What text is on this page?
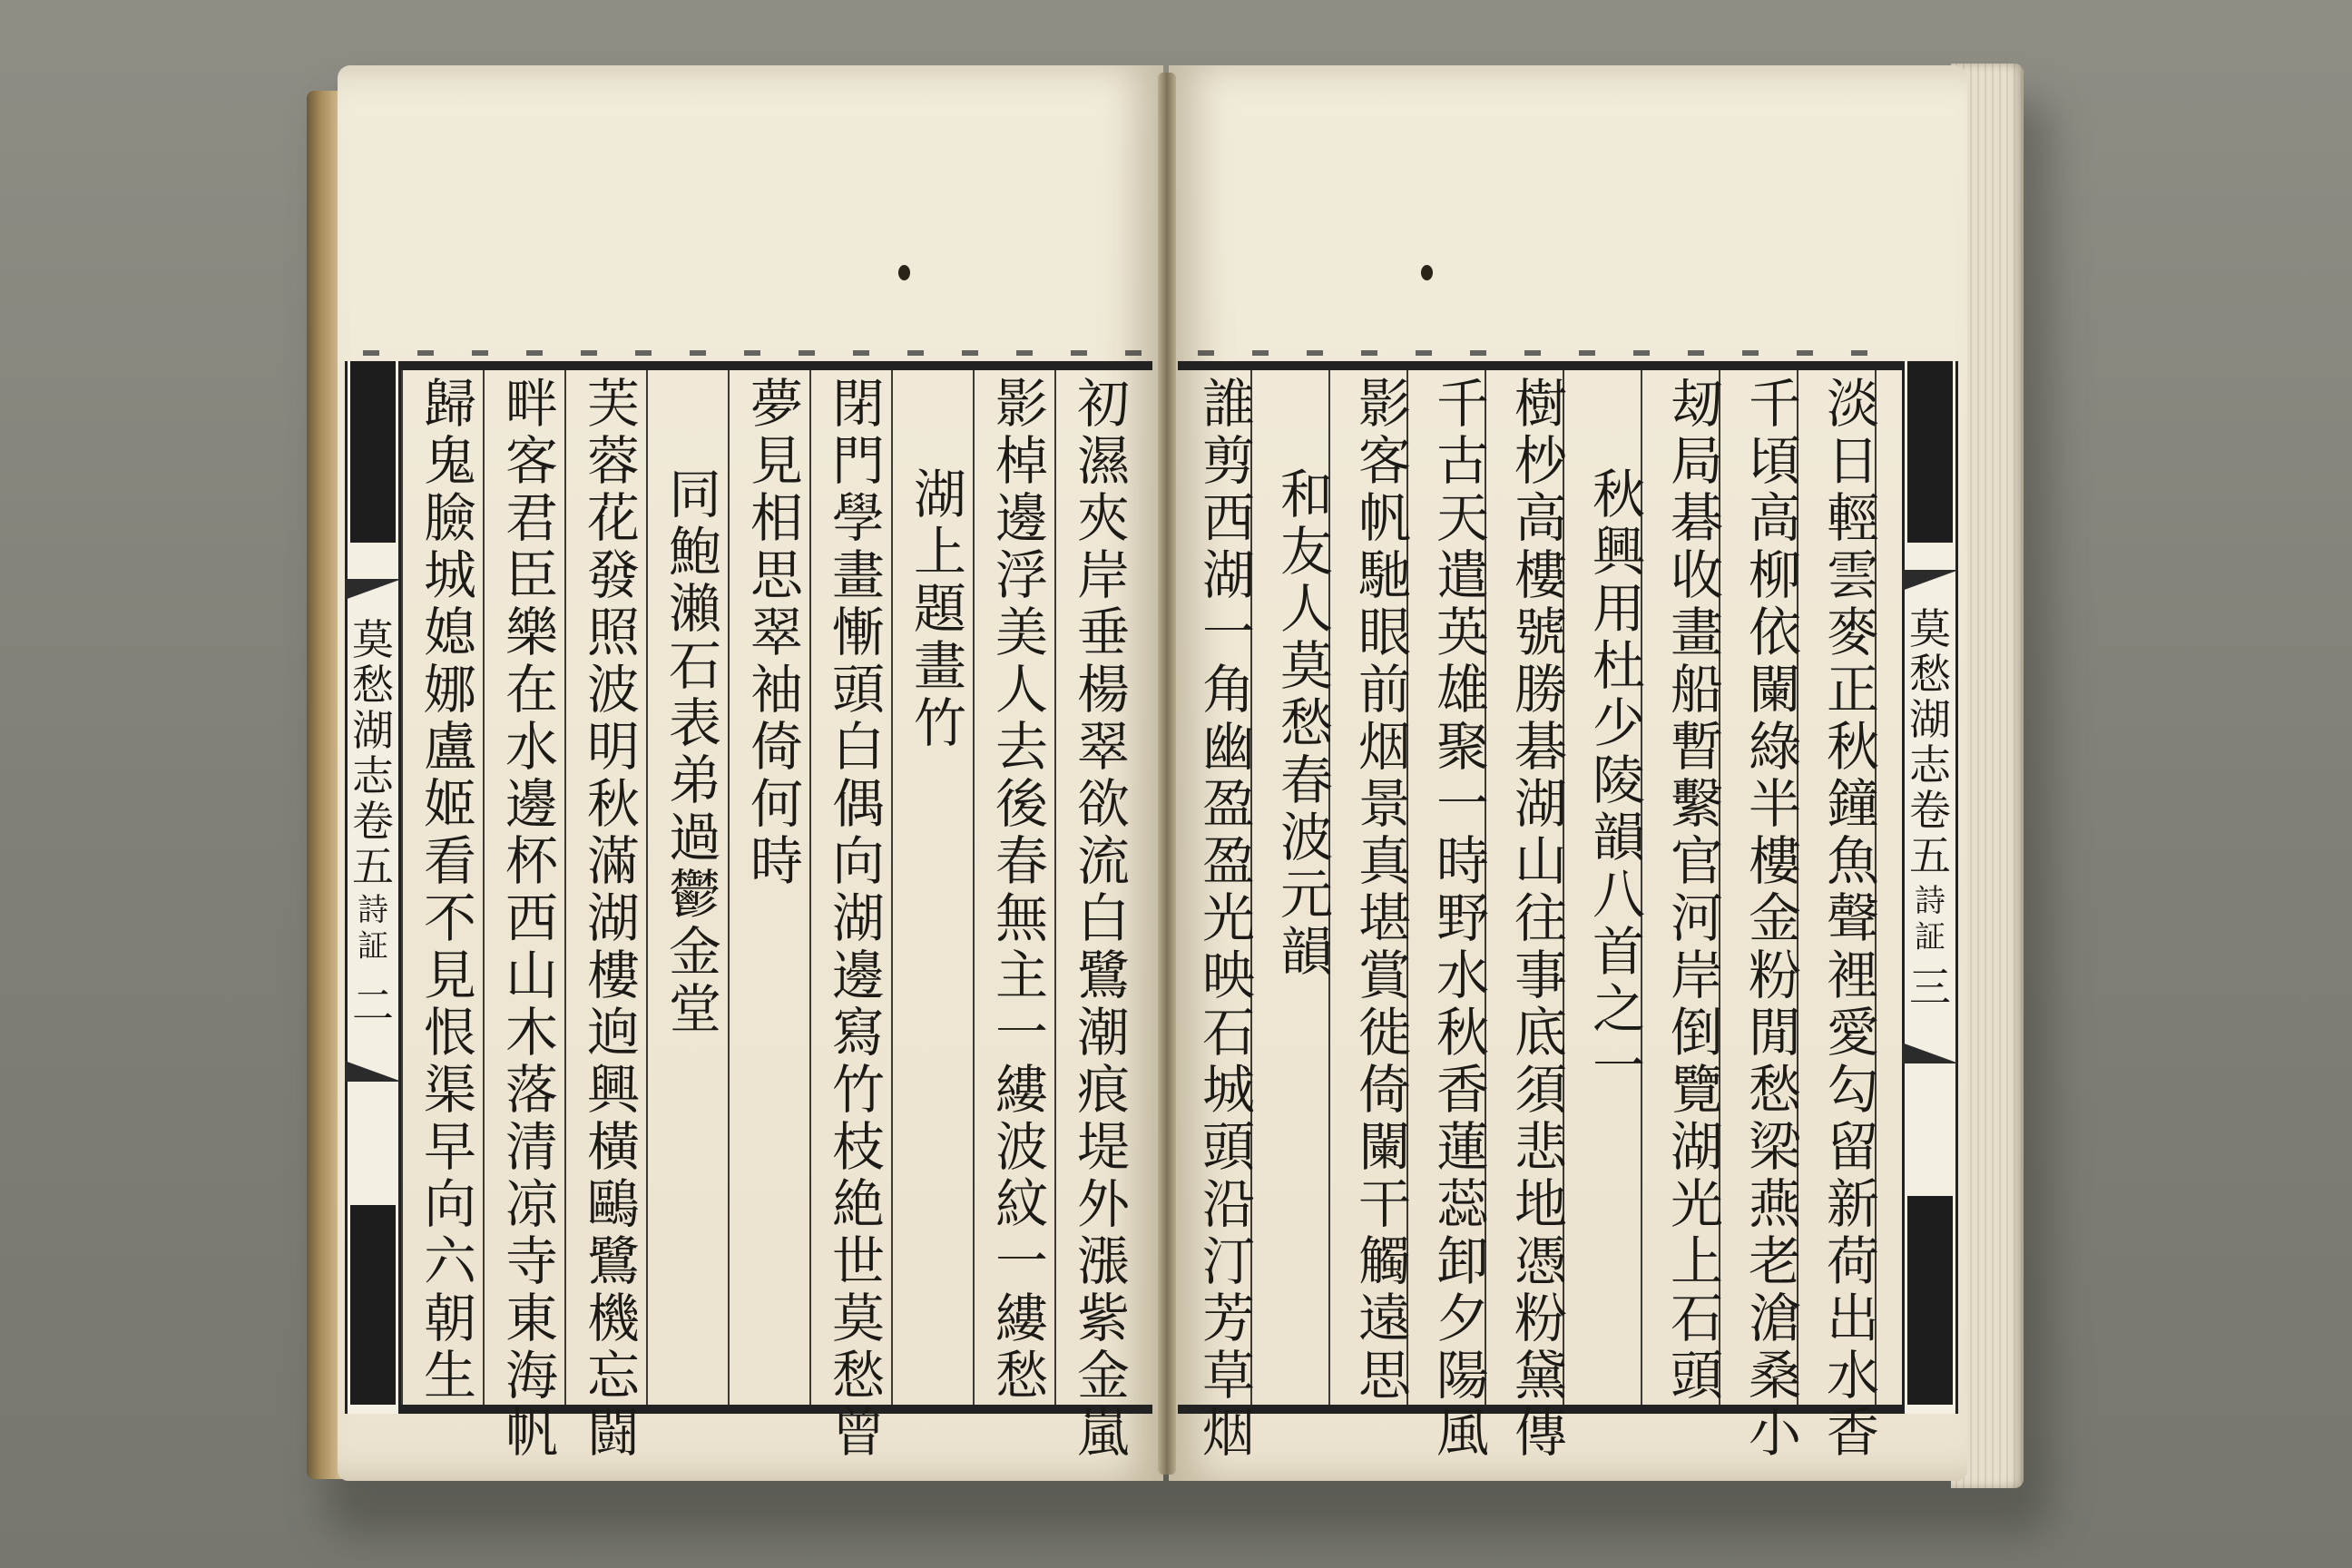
莫
愁
湖
志
卷
五
詩
証
二
莫
愁
湖
志
卷
五
詩
証
三
初
濕
夾
岸
垂
楊
翠
欲
流
白
鷺
潮
痕
堤
外
漲
紫
金
嵐
影
棹
邊
浮
美
人
去
後
春
無
主
一
縷
波
紋
一
縷
愁
湖
上
題
畫
竹
閉
門
學
畫
慚
頭
白
偶
向
湖
邊
寫
竹
枝
絶
世
莫
愁
曾
夢
見
相
思
翠
袖
倚
何
時
同
鮑
瀨
石
表
弟
過
鬱
金
堂
芙
蓉
花
發
照
波
明
秋
滿
湖
樓
逈
興
橫
鷗
鷺
機
忘
闘
畔
客
君
臣
樂
在
水
邊
杯
西
山
木
落
清
凉
寺
東
海
帆
歸
鬼
臉
城
媳
娜
盧
姬
看
不
見
恨
渠
早
向
六
朝
生
淡
日
輕
雲
麥
正
秋
鐘
魚
聲
裡
愛
勾
留
新
荷
出
水
香
千
頃
高
柳
依
闌
綠
半
樓
金
粉
閒
愁
梁
燕
老
滄
桑
小
刼
局
碁
收
畫
船
暫
繫
官
河
岸
倒
覽
湖
光
上
石
頭
秋
興
用
杜
少
陵
韻
八
首
之
一
樹
杪
高
樓
號
勝
碁
湖
山
往
事
底
須
悲
地
憑
粉
黛
傳
千
古
天
遣
英
雄
聚
一
時
野
水
秋
香
蓮
蕊
卸
夕
陽
風
影
客
帆
馳
眼
前
烟
景
真
堪
賞
徙
倚
闌
干
觸
遠
思
和
友
人
莫
愁
春
波
元
韻
誰
剪
西
湖
一
角
幽
盈
盈
光
映
石
城
頭
沿
汀
芳
草
烟
